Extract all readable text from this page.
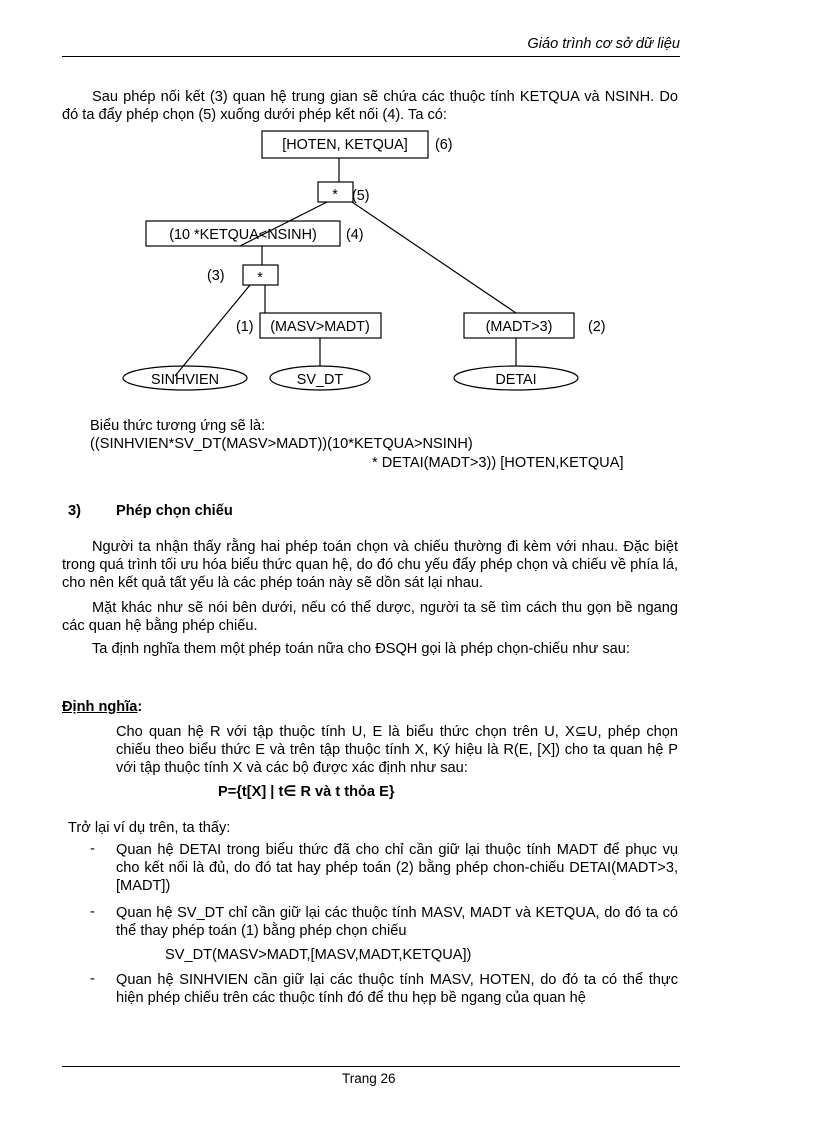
Giáo trình cơ sở dữ liệu
Sau phép nối kết (3) quan hệ trung gian sẽ chứa các thuộc tính KETQUA và NSINH. Do đó ta đẩy phép chọn (5) xuống dưới phép kết nối (4). Ta có:
[HOTEN, KETQUA] (6)
* (5)
(10 *KETQUA<NSINH) (4)
*
(3)
(MASV>MADT)
(1)	(MADT>3) (2)
SINHVIEN	SV_DT	DETAI
Biểu thức tương ứng sẽ là:
((SINHVIEN*SV_DT(MASV>MADT))(10*KETQUA>NSINH)
* DETAI(MADT>3)) [HOTEN,KETQUA]
3) Phép chọn chiếu
Người ta nhận thấy rằng hai phép toán chọn và chiếu thường đi kèm với nhau. Đặc biệt trong quá trình tối ưu hóa biểu thức quan hệ, do đó chu yếu đẩy phép chọn và chiếu về phía lá, cho nên kết quả tất yếu là các phép toán này sẽ dồn sát lại nhau.
Mặt khác như sẽ nói bên dưới, nếu có thể dược, người ta sẽ tìm cách thu gọn bề ngang các quan hệ bằng phép chiếu.
Ta định nghĩa them một phép toán nữa cho ĐSQH gọi là phép chọn-chiếu như sau:
Định nghĩa:
Cho quan hệ R với tập thuộc tính U, E là biểu thức chọn trên U, X⊆U, phép chọn chiếu theo biểu thức E và trên tập thuộc tính X, Ký hiệu là R(E, [X]) cho ta quan hệ P với tập thuộc tính X và các bộ được xác định như sau:
P={t[X] | t∈ R và t thỏa E}
Trở lại ví dụ trên, ta thấy:
- Quan hệ DETAI trong biểu thức đã cho chỉ cần giữ lại thuộc tính MADT để phục vụ cho kết nối là đủ, do đó tat hay phép toán (2) bằng phép chon-chiếu DETAI(MADT>3,[MADT])
- Quan hệ SV_DT chỉ cần giữ lại các thuộc tính MASV, MADT và KETQUA, do đó ta có thể thay phép toán (1) bằng phép chọn chiếu
SV_DT(MASV>MADT,[MASV,MADT,KETQUA])
- Quan hệ SINHVIEN cần giữ lại các thuộc tính MASV, HOTEN, do đó ta có thể thực hiện phép chiếu trên các thuộc tính đó để thu hẹp bề ngang của quan hệ
Trang 26
